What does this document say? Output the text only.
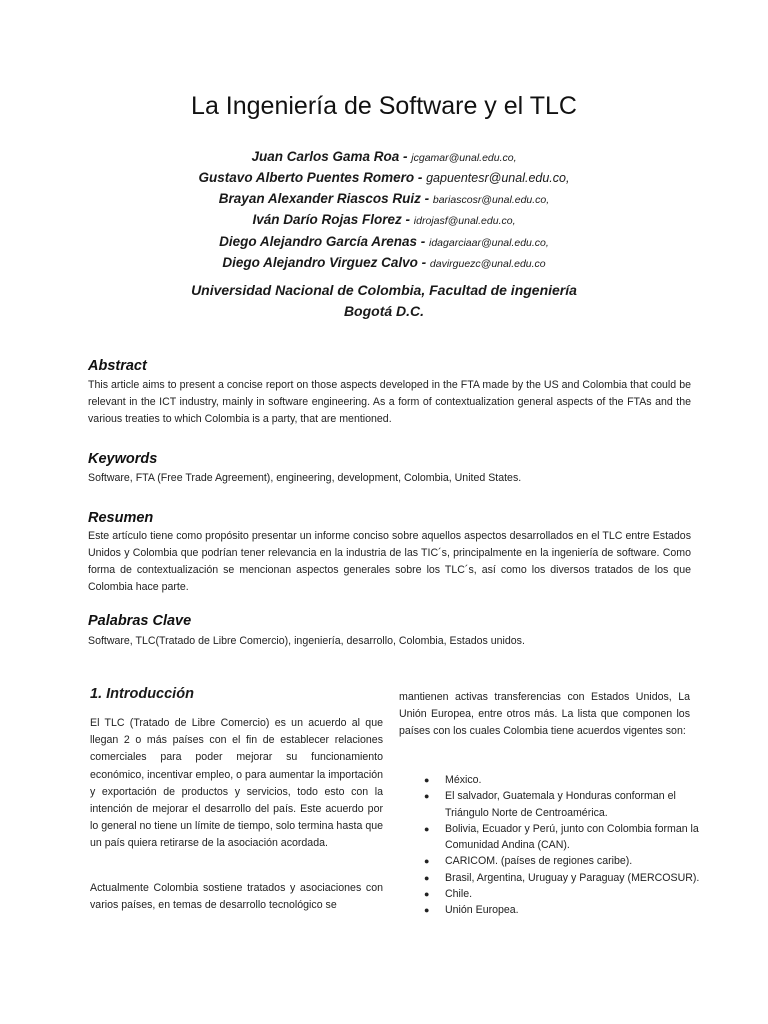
La Ingeniería de Software y el TLC
Juan Carlos Gama Roa - jcgamar@unal.edu.co,
Gustavo Alberto Puentes Romero - gapuentesr@unal.edu.co,
Brayan Alexander Riascos Ruiz - bariascosr@unal.edu.co,
Iván Darío Rojas Florez - idrojasf@unal.edu.co,
Diego Alejandro García Arenas - idagarciaar@unal.edu.co,
Diego Alejandro Virguez Calvo - davirguezc@unal.edu.co
Universidad Nacional de Colombia, Facultad de ingeniería
Bogotá D.C.
Abstract
This article aims to present a concise report on those aspects developed in the FTA made by the US and Colombia that could be relevant in the ICT industry, mainly in software engineering. As a form of contextualization general aspects of the FTAs and the various treaties to which Colombia is a party, that are mentioned.
Keywords
Software, FTA (Free Trade Agreement), engineering, development, Colombia, United States.
Resumen
Este artículo tiene como propósito presentar un informe conciso sobre aquellos aspectos desarrollados en el TLC entre Estados Unidos y Colombia que podrían tener relevancia en la industria de las TIC´s, principalmente en la ingeniería de software. Como forma de contextualización se mencionan aspectos generales sobre los TLC´s, así como los diversos tratados de los que Colombia hace parte.
Palabras Clave
Software, TLC(Tratado de Libre Comercio), ingeniería, desarrollo, Colombia, Estados unidos.
1. Introducción
El TLC (Tratado de Libre Comercio) es un acuerdo al que llegan 2 o más países con el fin de establecer relaciones comerciales para poder mejorar su funcionamiento económico, incentivar empleo, o para aumentar la importación y exportación de productos y servicios, todo esto con la intención de mejorar el desarrollo del país. Este acuerdo por lo general no tiene un límite de tiempo, solo termina hasta que un país quiera retirarse de la asociación acordada.
Actualmente Colombia sostiene tratados y asociaciones con varios países, en temas de desarrollo tecnológico se
mantienen activas transferencias con Estados Unidos, La Unión Europea, entre otros más. La lista que componen los países con los cuales Colombia tiene acuerdos vigentes son:
● México.
● El salvador, Guatemala y Honduras conforman el Triángulo Norte de Centroamérica.
● Bolivia, Ecuador y Perú, junto con Colombia forman la Comunidad Andina (CAN).
● CARICOM. (países de regiones caribe).
● Brasil, Argentina, Uruguay y Paraguay (MERCOSUR).
● Chile.
● Unión Europea.
